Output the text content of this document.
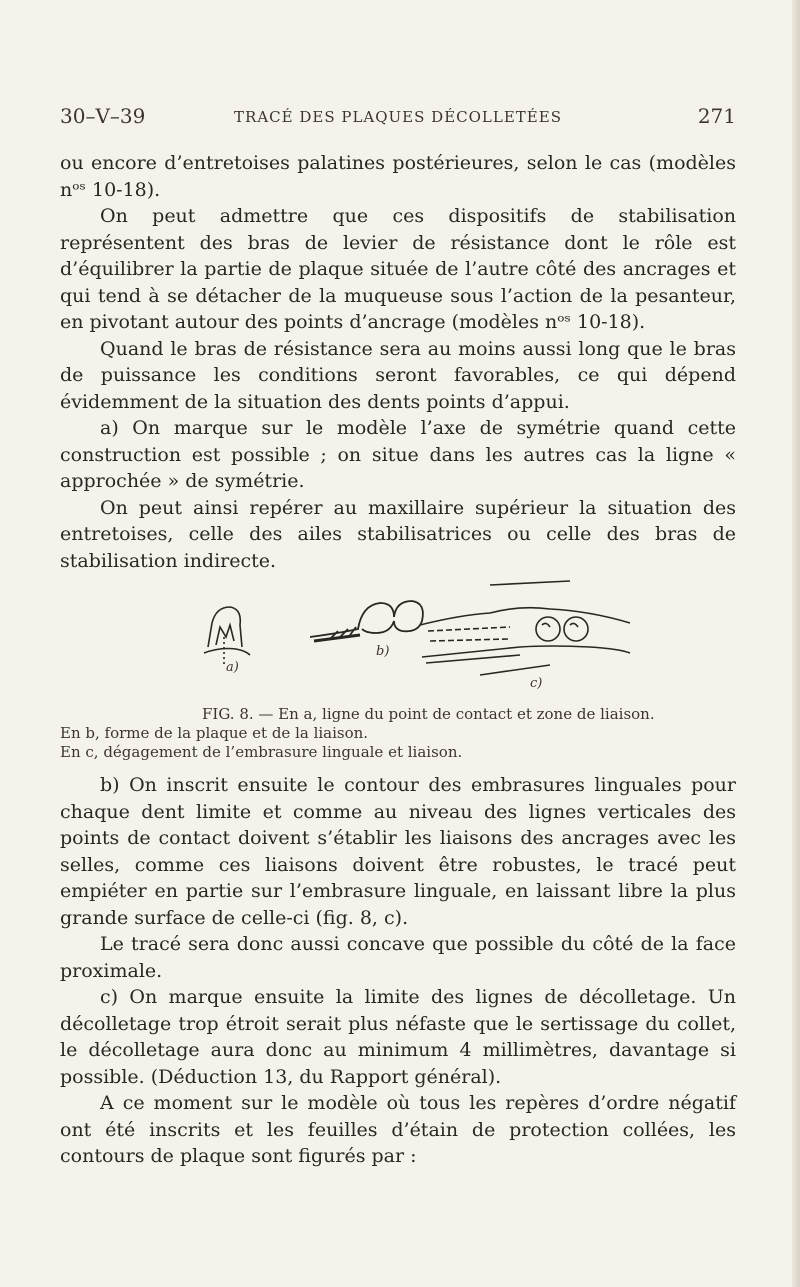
30–V–39	TRACÉ DES PLAQUES DÉCOLLETÉES	271

ou encore d’entretoises palatines postérieures, selon le cas (modèles nᵒˢ 10-18).

On peut admettre que ces dispositifs de stabilisation représentent des bras de levier de résistance dont le rôle est d’équilibrer la partie de plaque située de l’autre côté des ancrages et qui tend à se détacher de la muqueuse sous l’action de la pesanteur, en pivotant autour des points d’ancrage (modèles nᵒˢ 10-18).

Quand le bras de résistance sera au moins aussi long que le bras de puissance les conditions seront favorables, ce qui dépend évidemment de la situation des dents points d’appui.

a) On marque sur le modèle l’axe de symétrie quand cette construction est possible ; on situe dans les autres cas la ligne « approchée » de symétrie.

On peut ainsi repérer au maxillaire supérieur la situation des entretoises, celle des ailes stabilisatrices ou celle des bras de stabilisation indirecte.

a)
b)
c)
FIG. 8. — En a, ligne du point de contact et zone de liaison.
En b, forme de la plaque et de la liaison.
En c, dégagement de l’embrasure linguale et liaison.

b) On inscrit ensuite le contour des embrasures linguales pour chaque dent limite et comme au niveau des lignes verticales des points de contact doivent s’établir les liaisons des ancrages avec les selles, comme ces liaisons doivent être robustes, le tracé peut empiéter en partie sur l’embrasure linguale, en laissant libre la plus grande surface de celle-ci (fig. 8, c).

Le tracé sera donc aussi concave que possible du côté de la face proximale.

c) On marque ensuite la limite des lignes de décolletage. Un décolletage trop étroit serait plus néfaste que le sertissage du collet, le décolletage aura donc au minimum 4 millimètres, davantage si possible. (Déduction 13, du Rapport général).

A ce moment sur le modèle où tous les repères d’ordre négatif ont été inscrits et les feuilles d’étain de protection collées, les contours de plaque sont figurés par :
